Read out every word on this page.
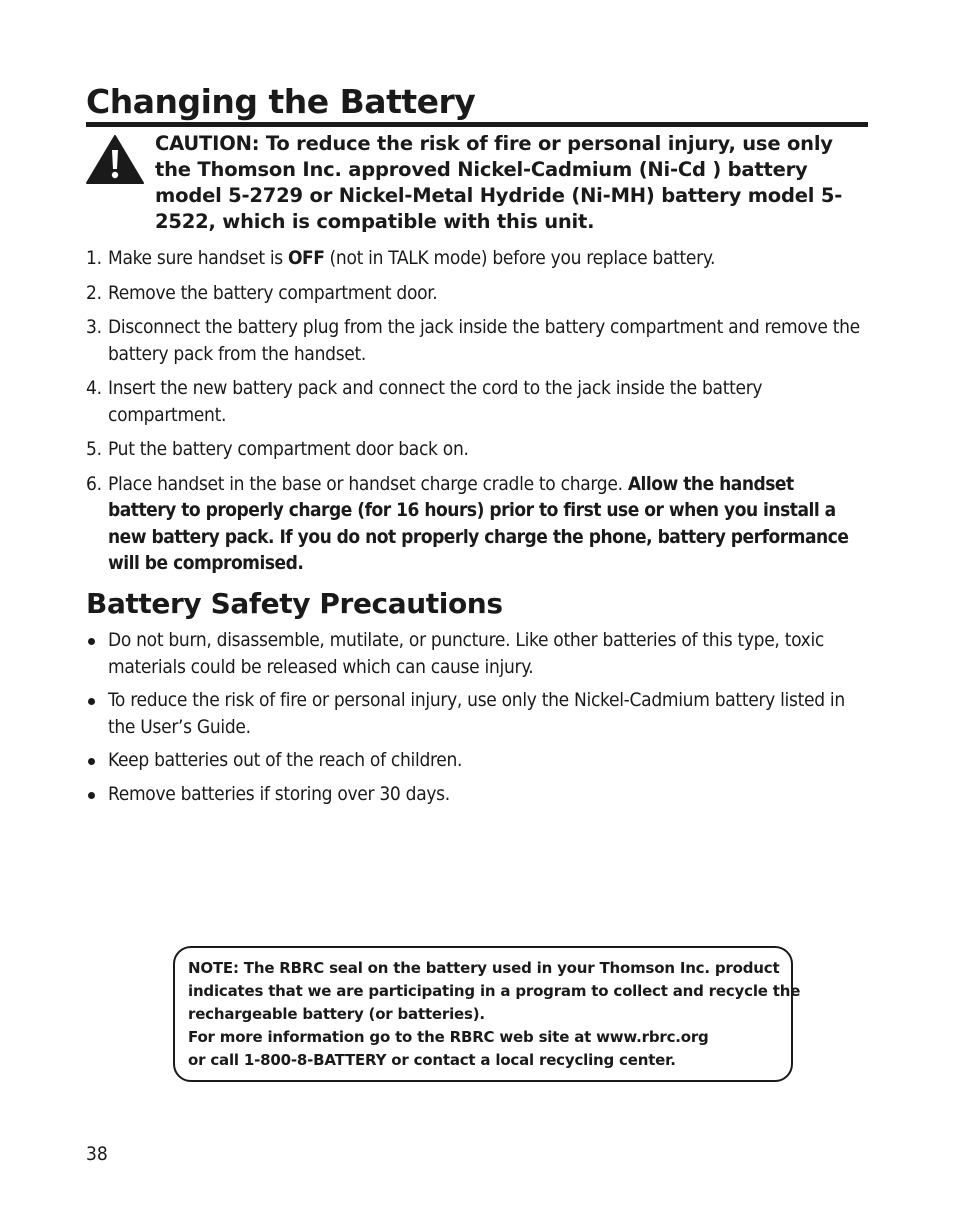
Changing the Battery
CAUTION: To reduce the risk of fire or personal injury, use only the Thomson Inc. approved Nickel-Cadmium (Ni-Cd ) battery model 5-2729 or Nickel-Metal Hydride (Ni-MH) battery model 5-2522, which is compatible with this unit.
1. Make sure handset is OFF (not in TALK mode) before you replace battery.
2. Remove the battery compartment door.
3. Disconnect the battery plug from the jack inside the battery compartment and remove the battery pack from the handset.
4. Insert the new battery pack and connect the cord to the jack inside the battery compartment.
5. Put the battery compartment door back on.
6. Place handset in the base or handset charge cradle to charge. Allow the handset battery to properly charge (for 16 hours) prior to first use or when you install a new battery pack. If you do not properly charge the phone, battery performance will be compromised.
Battery Safety Precautions
Do not burn, disassemble, mutilate, or puncture. Like other batteries of this type, toxic materials could be released which can cause injury.
To reduce the risk of fire or personal injury, use only the Nickel-Cadmium battery listed in the User’s Guide.
Keep batteries out of the reach of children.
Remove batteries if storing over 30 days.
NOTE: The RBRC seal on the battery used in your Thomson Inc. product
indicates that we are participating in a program to collect and recycle the
rechargeable battery (or batteries).
For more information go to the RBRC web site at www.rbrc.org
or call 1-800-8-BATTERY or contact a local recycling center.
38
